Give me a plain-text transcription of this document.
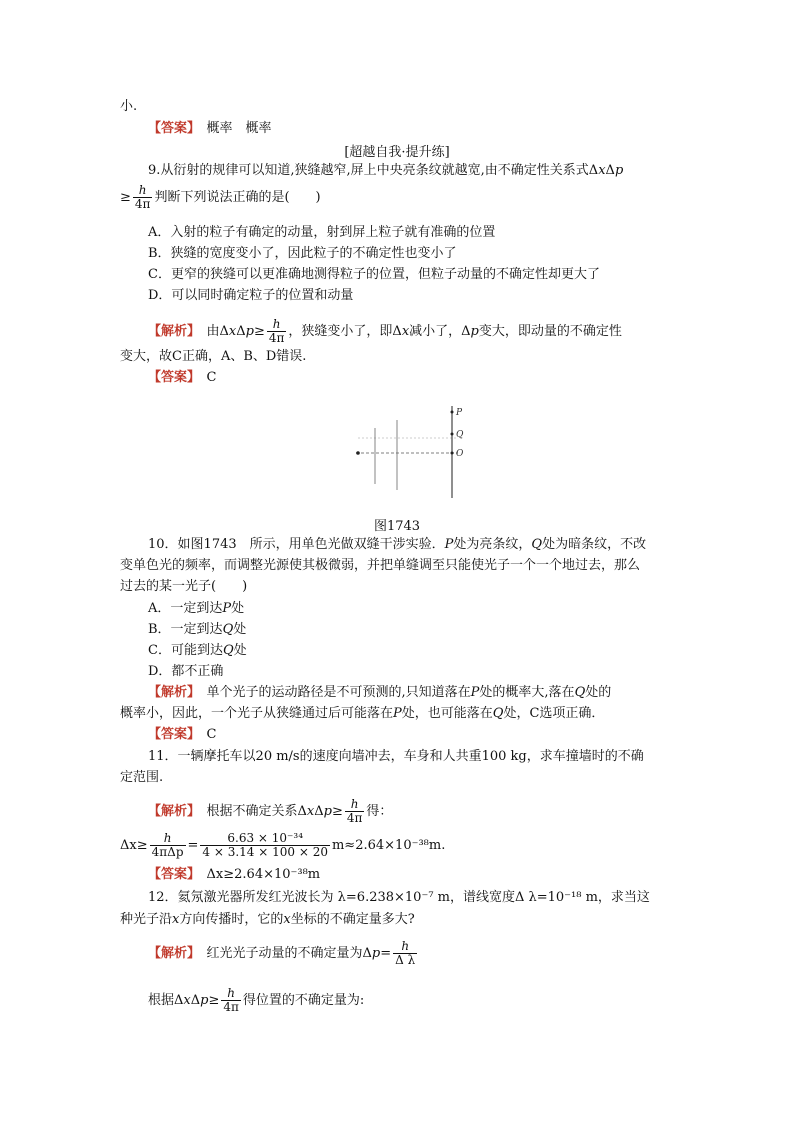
小.
【答案】　 概率　概率
[超越自我·提升练]
9.从衍射的规律可以知道,狭缝越窄,屏上中央亮条纹就越宽,由不确定性关系式ΔxΔp
≥ $\frac{h}{4\pi}$ 判断下列说法正确的是(　　)
A．入射的粒子有确定的动量，射到屏上粒子就有准确的位置
B．狭缝的宽度变小了，因此粒子的不确定性也变小了
C．更窄的狭缝可以更准确地测得粒子的位置，但粒子动量的不确定性却更大了
D．可以同时确定粒子的位置和动量
【解析】　 由$\Delta x\Delta p\ge \frac{h}{4\pi}$ ，狭缝变小了，即Δx减小了，Δp变大，即动量的不确定性
变大，故C正确，A、B、D错误.
【答案】　 C
P
Q
O
图1743
10．如图1743　所示，用单色光做双缝干涉实验．P处为亮条纹，Q处为暗条纹，不改
变单色光的频率，而调整光源使其极微弱，并把单缝调至只能使光子一个一个地过去，那么
过去的某一光子(　　)
A．一定到达P处
B．一定到达Q处
C．可能到达Q处
D．都不正确
【解析】　 单个光子的运动路径是不可预测的,只知道落在P处的概率大,落在Q处的
概率小，因此，一个光子从狭缝通过后可能落在P处，也可能落在Q处，C选项正确．
【答案】　 C
11．一辆摩托车以20 m/s的速度向墙冲去，车身和人共重100 kg，求车撞墙时的不确
定范围.
【解析】　 根据不确定关系$\Delta x\Delta p\ge \frac{h}{4\pi}$ 得：
$\Delta x\ge \frac{h}{\text{4πΔp}} = \frac{\text{6.63 × 10⁻³⁴}}{4 \times 3.14 \times 100 \times 20} m\approx 2.64\times 10^{-38}m$.
【答案】　 Δx≥2.64×10⁻³⁸m
12．氦氖激光器所发红光波长为 λ=6.238×10⁻⁷ m，谱线宽度Δ λ=10⁻¹⁸ m，求当这
种光子沿x方向传播时，它的x坐标的不确定量多大?
【解析】　 红光光子动量的不确定量为$\Delta p= \frac{h}{\text{Δ λ}}$
根据$\Delta x\Delta p\ge \frac{h}{4\pi}$ 得位置的不确定量为:
